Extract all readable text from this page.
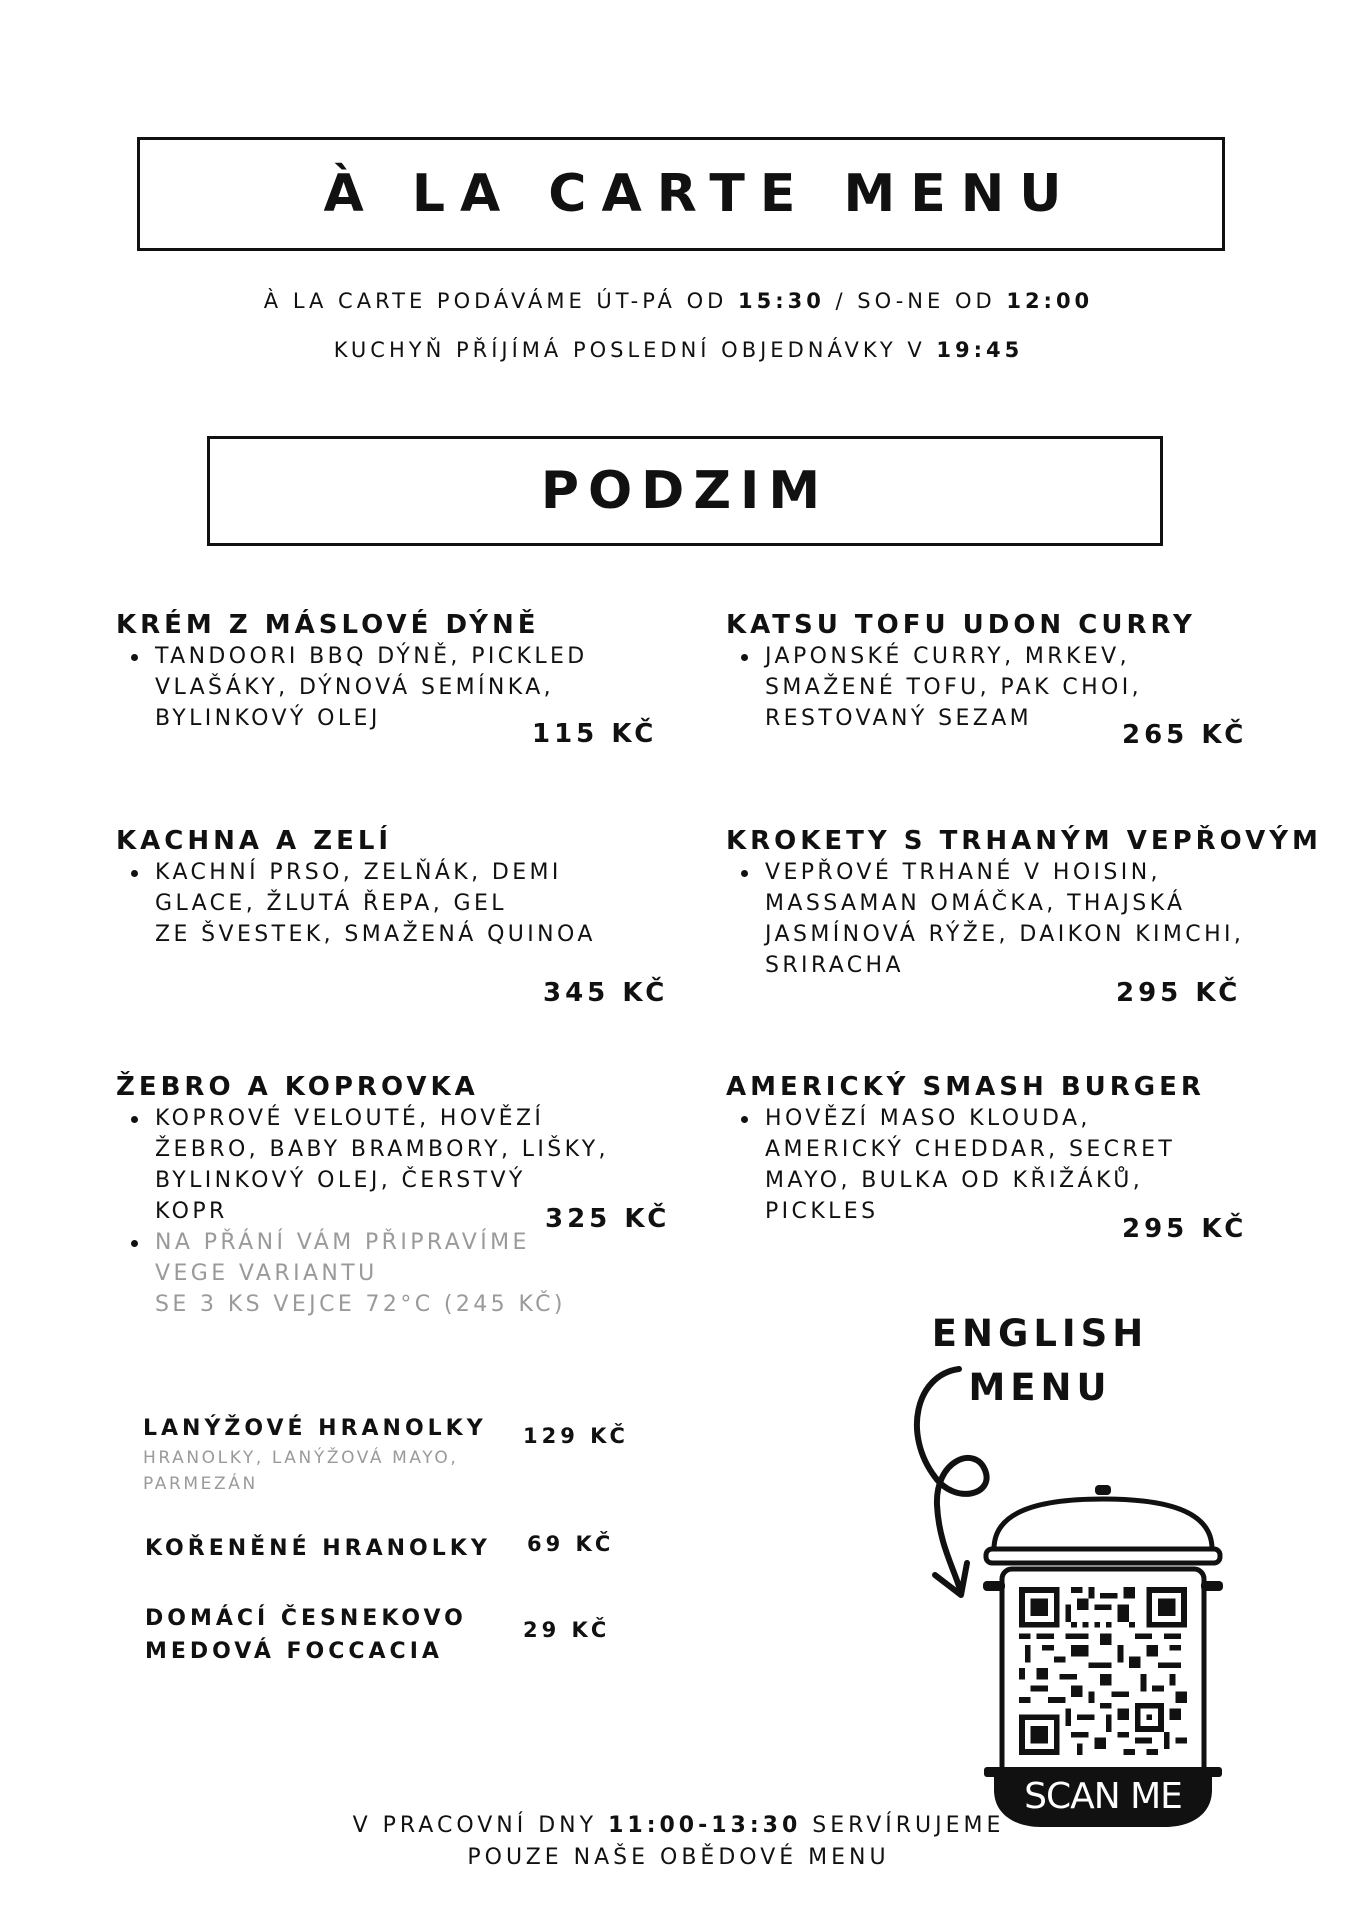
À LA CARTE MENU
À LA CARTE PODÁVÁME ÚT-PÁ OD 15:30 / SO-NE OD 12:00
KUCHYŇ PŘÍJÍMÁ POSLEDNÍ OBJEDNÁVKY V 19:45
PODZIM
KRÉM Z MÁSLOVÉ DÝNĚ
TANDOORI BBQ DÝNĚ, PICKLED
VLAŠÁKY, DÝNOVÁ SEMÍNKA,
BYLINKOVÝ OLEJ
115 KČ
KATSU TOFU UDON CURRY
JAPONSKÉ CURRY, MRKEV,
SMAŽENÉ TOFU, PAK CHOI,
RESTOVANÝ SEZAM
265 KČ
KACHNA A ZELÍ
KACHNÍ PRSO, ZELŇÁK, DEMI
GLACE, ŽLUTÁ ŘEPA, GEL
ZE ŠVESTEK, SMAŽENÁ QUINOA
345 KČ
KROKETY S TRHANÝM VEPŘOVÝM
VEPŘOVÉ TRHANÉ V HOISIN,
MASSAMAN OMÁČKA, THAJSKÁ
JASMÍNOVÁ RÝŽE, DAIKON KIMCHI,
SRIRACHA
295 KČ
ŽEBRO A KOPROVKA
KOPROVÉ VELOUTÉ, HOVĚZÍ
ŽEBRO, BABY BRAMBORY, LIŠKY,
BYLINKOVÝ OLEJ, ČERSTVÝ
KOPR
NA PŘÁNÍ VÁM PŘIPRAVÍME
VEGE VARIANTU
SE 3 KS VEJCE 72°C (245 KČ)
325 KČ
AMERICKÝ SMASH BURGER
HOVĚZÍ MASO KLOUDA,
AMERICKÝ CHEDDAR, SECRET
MAYO, BULKA OD KŘIŽÁKŮ,
PICKLES
295 KČ
LANÝŽOVÉ HRANOLKY
HRANOLKY, LANÝŽOVÁ MAYO, PARMEZÁN
129 KČ
KOŘENĚNÉ HRANOLKY 69 KČ
DOMÁCÍ ČESNEKOVO
MEDOVÁ FOCCACIA
29 KČ
ENGLISH
MENU
SCAN ME
V PRACOVNÍ DNY 11:00-13:30 SERVÍRUJEME
POUZE NAŠE OBĚDOVÉ MENU
